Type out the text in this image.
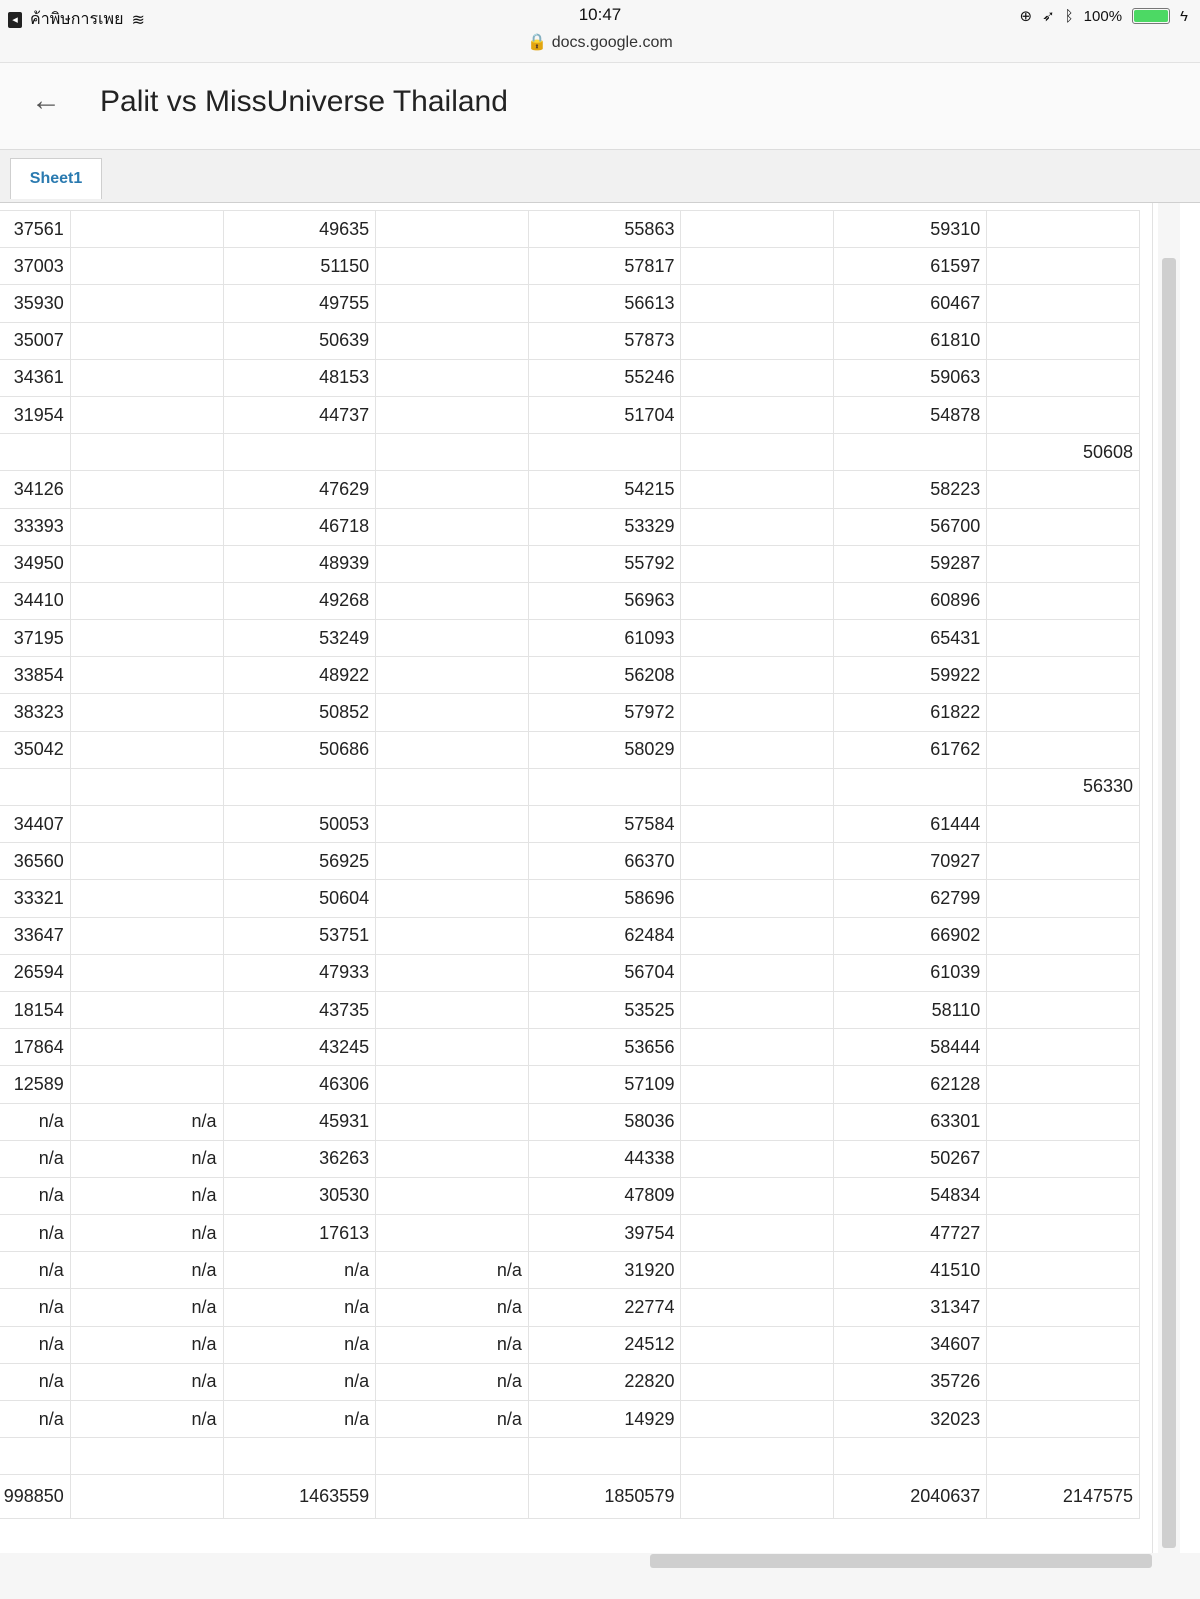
◂ ค้าพิษการเพย ≋	10:47
🔒 docs.google.com
⊕ ➶ ᛒ 100%	ϟ
← Palit vs MissUniverse Thailand
Sheet1
37561		49635		55863		59310	
37003		51150		57817		61597	
35930		49755		56613		60467	
35007		50639		57873		61810	
34361		48153		55246		59063	
31954		44737		51704		54878	
							50608
34126		47629		54215		58223	
33393		46718		53329		56700	
34950		48939		55792		59287	
34410		49268		56963		60896	
37195		53249		61093		65431	
33854		48922		56208		59922	
38323		50852		57972		61822	
35042		50686		58029		61762	
							56330
34407		50053		57584		61444	
36560		56925		66370		70927	
33321		50604		58696		62799	
33647		53751		62484		66902	
26594		47933		56704		61039	
18154		43735		53525		58110	
17864		43245		53656		58444	
12589		46306		57109		62128	
n/a	n/a	45931		58036		63301	
n/a	n/a	36263		44338		50267	
n/a	n/a	30530		47809		54834	
n/a	n/a	17613		39754		47727	
n/a	n/a	n/a	n/a	31920		41510	
n/a	n/a	n/a	n/a	22774		31347	
n/a	n/a	n/a	n/a	24512		34607	
n/a	n/a	n/a	n/a	22820		35726	
n/a	n/a	n/a	n/a	14929		32023	

998850		1463559		1850579		2040637	2147575
